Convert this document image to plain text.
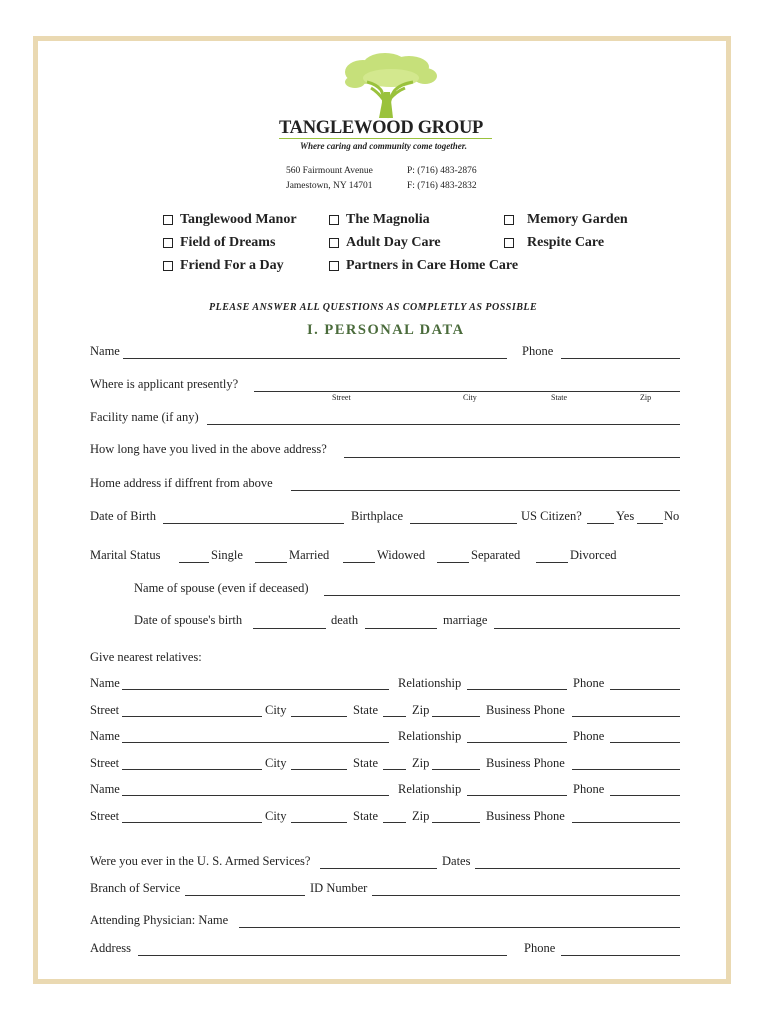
TANGLEWOOD GROUP
Where caring and community come together.
560 Fairmount Avenue
Jamestown, NY 14701
P: (716) 483-2876
F: (716) 483-2832
Tanglewood Manor	The Magnolia	Memory Garden
Field of Dreams	Adult Day Care	Respite Care
Friend For a Day	Partners in Care Home Care
PLEASE ANSWER ALL QUESTIONS AS COMPLETLY AS POSSIBLE
I. PERSONAL DATA
Name	Phone
Where is applicant presently?
Street	City	State	Zip
Facility name (if any)
How long have you lived in the above address?
Home address if diffrent from above
Date of Birth	Birthplace	US Citizen?	Yes No
Marital Status	Single	Married	Widowed	Separated	Divorced
Name of spouse (even if deceased)
Date of spouse's birth	death	marriage
Give nearest relatives:
Name	Relationship	Phone
Street	City	State	Zip	Business Phone
Name	Relationship	Phone
Street	City	State	Zip	Business Phone
Name	Relationship	Phone
Street	City	State	Zip	Business Phone
Were you ever in the U. S. Armed Services?	Dates
Branch of Service	ID Number
Attending Physician: Name
Address	Phone
